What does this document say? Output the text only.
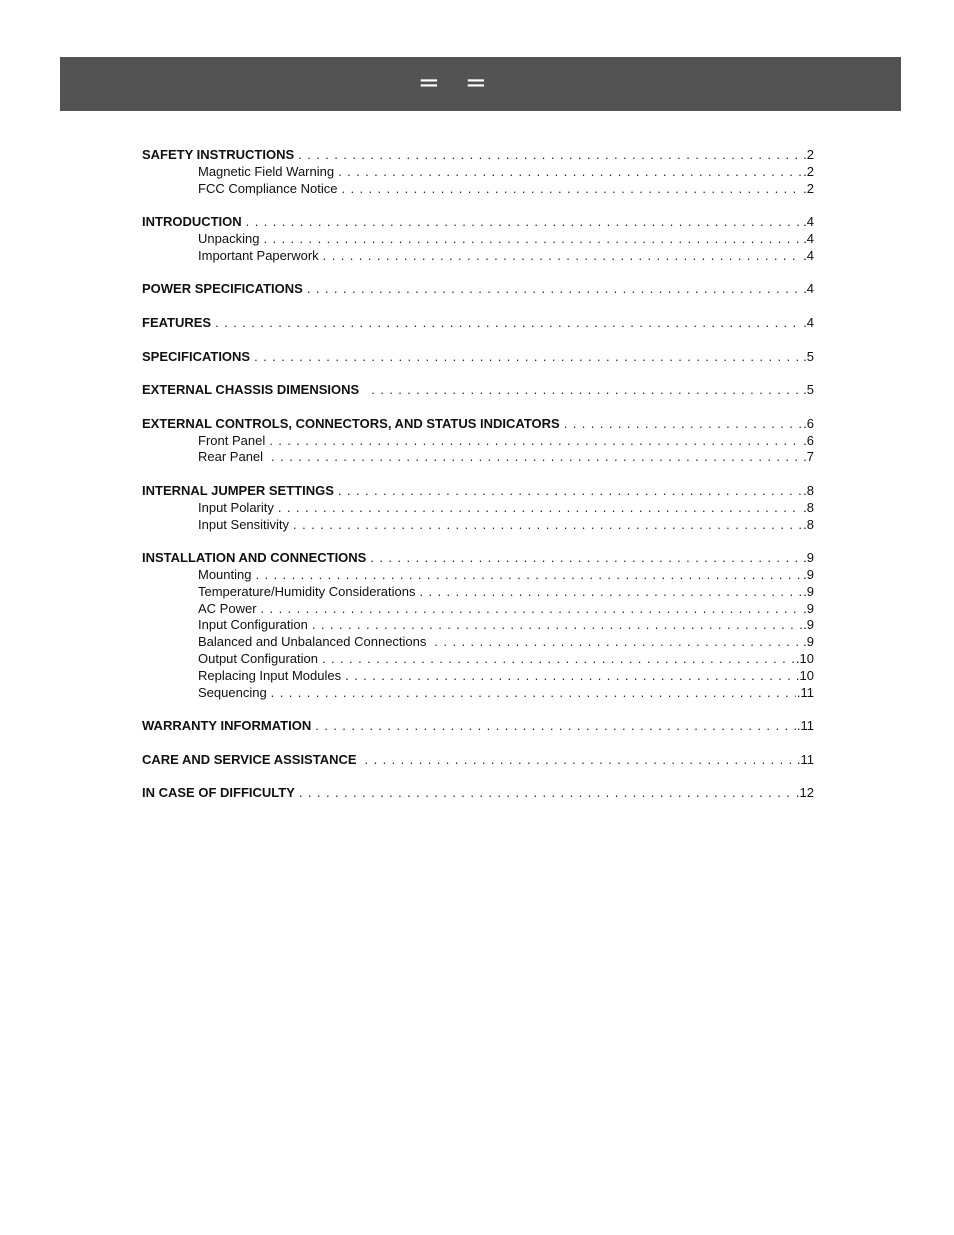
= =
SAFETY INSTRUCTIONS . . .	.2
Magnetic Field Warning . . .	.2
FCC Compliance Notice . . .	.2
INTRODUCTION . . .	.4
Unpacking . . .	.4
Important Paperwork . . .	.4
POWER SPECIFICATIONS . . .	.4
FEATURES . . .	.4
SPECIFICATIONS . . .	.5
EXTERNAL CHASSIS DIMENSIONS . . .	.5
EXTERNAL CONTROLS, CONNECTORS, AND STATUS INDICATORS . . .	.6
Front Panel . . .	.6
Rear Panel . . .	.7
INTERNAL JUMPER SETTINGS . . .	.8
Input Polarity . . .	.8
Input Sensitivity . . .	.8
INSTALLATION AND CONNECTIONS . . .	.9
Mounting . . .	.9
Temperature/Humidity Considerations . . .	.9
AC Power . . .	.9
Input Configuration . . .	.9
Balanced and Unbalanced Connections . . .	.9
Output Configuration . . .	.10
Replacing Input Modules . . .	.10
Sequencing . . .	.11
WARRANTY INFORMATION . . .	.11
CARE AND SERVICE ASSISTANCE . . .	.11
IN CASE OF DIFFICULTY . . .	.12
